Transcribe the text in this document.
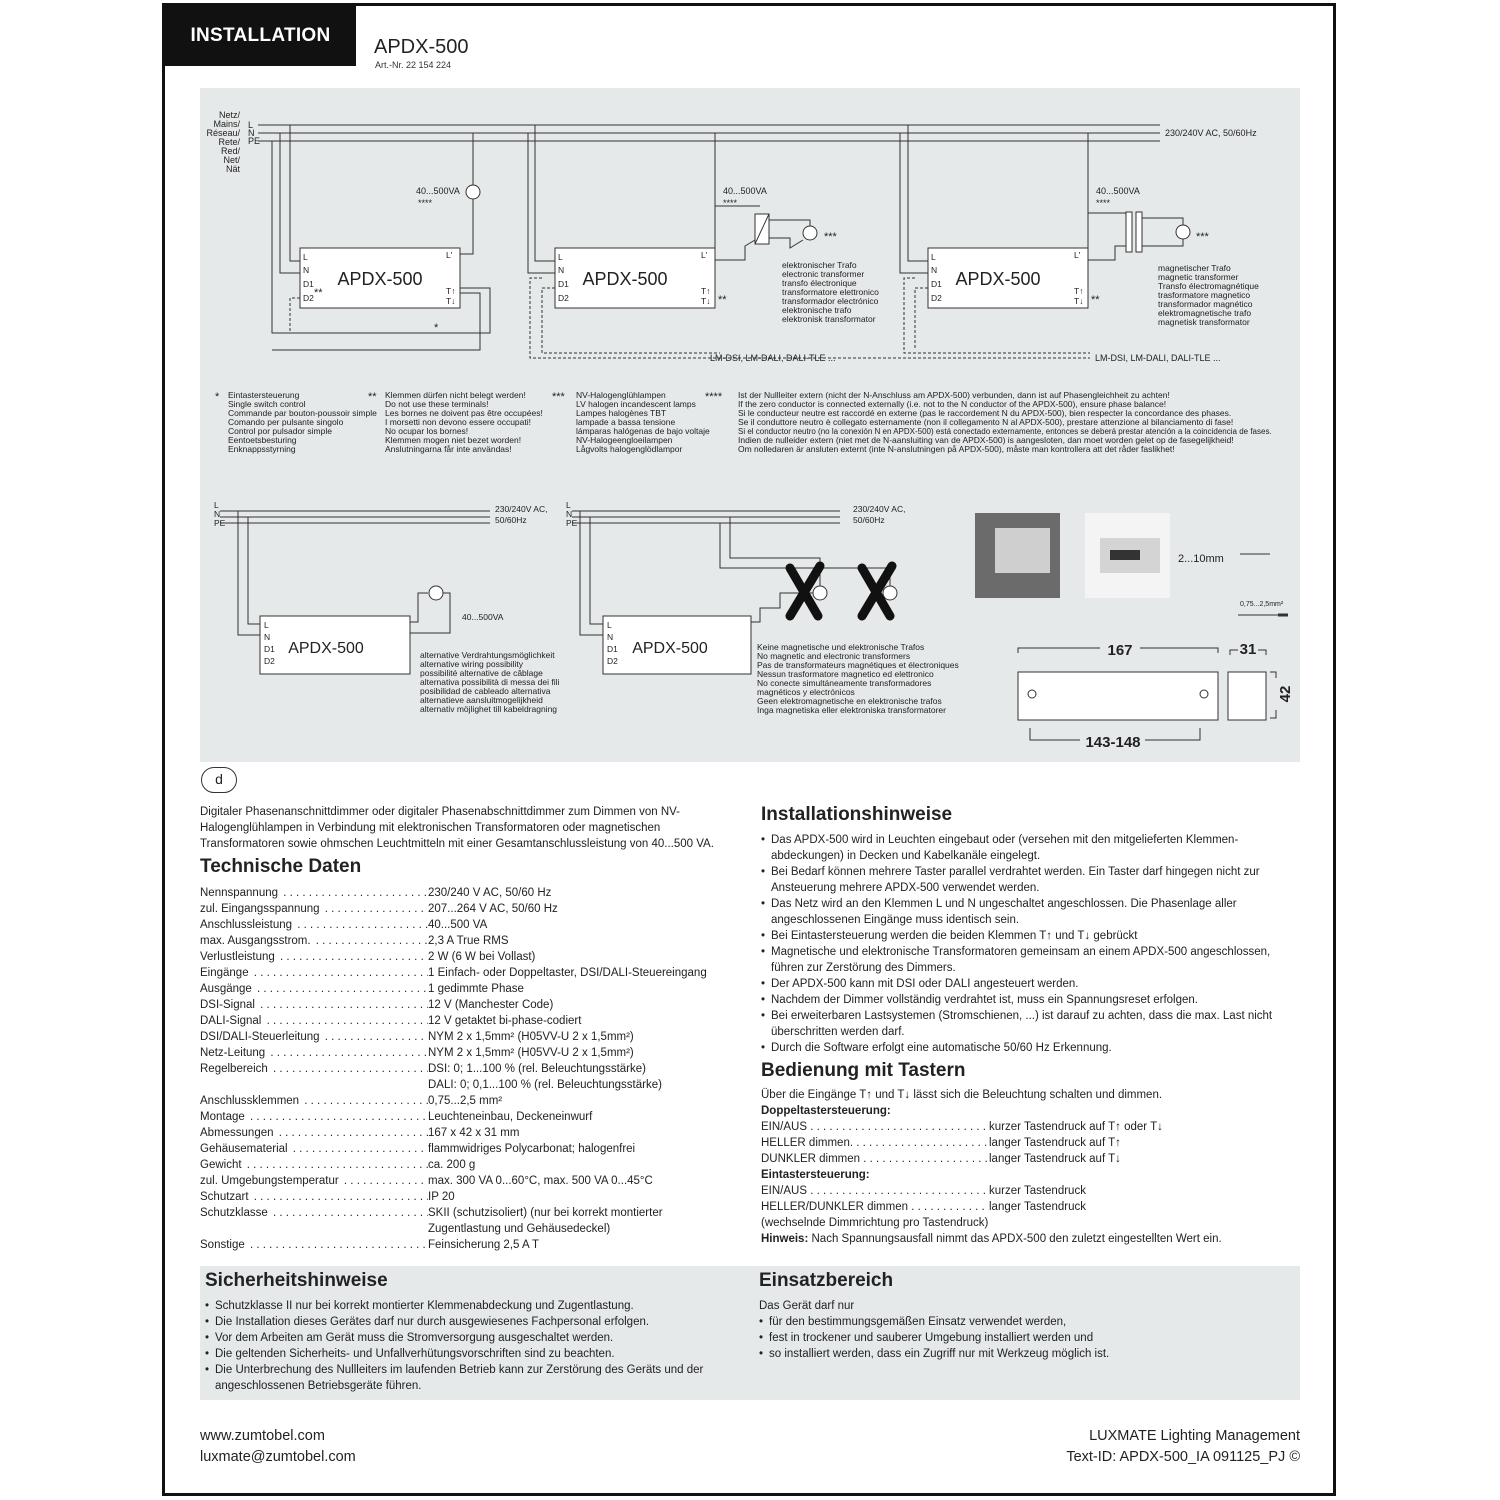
INSTALLATION
APDX-500
Art.-Nr. 22 154 224
Netz/
Mains/
Réseau/
Rete/
Red/
Net/
Nät
L
N
PE
230/240V AC, 50/60Hz
APDX-500	APDX-500	APDX-500
APDX-500	APDX-500
L
N
D1
D2
L
N
D1
D2
L
N
D1
D2
L'	L'	L'
T↑
T↓
T↑
T↓
T↑
T↓
40...500VA
****
40...500VA
****
40...500VA
****
**
**	**
***	***
*
LM-DSI, LM-DALI, DALI-TLE ...	LM-DSI, LM-DALI, DALI-TLE ...
elektronischer Trafo
electronic transformer
transfo électronique
transformatore elettronico
transformador electrónico
elektronische trafo
elektronisk transformator
magnetischer Trafo
magnetic transformer
Transfo électromagnétique
trasformatore magnetico
transformador magnético
elektromagnetische trafo
magnetisk transformator
* Eintastersteuerung
Single switch control
Commande par bouton-poussoir simple
Comando per pulsante singolo
Control por pulsador simple
Eentoetsbesturing
Enknappsstyrning
** Klemmen dürfen nicht belegt werden!
Do not use these terminals!
Les bornes ne doivent pas être occupées!
I morsetti non devono essere occupati!
No ocupar los bornes!
Klemmen mogen niet bezet worden!
Anslutningarna får inte användas!
*** NV-Halogenglühlampen
LV halogen incandescent lamps
Lampes halogènes TBT
lampade a bassa tensione
lámparas halógenas de bajo voltaje
NV-Halogeengloeilampen
Lågvolts halogenglödlampor
**** Ist der Nullleiter extern (nicht der N-Anschluss am APDX-500) verbunden, dann ist auf Phasengleichheit zu achten!
If the zero conductor is connected externally (i.e. not to the N conductor of the APDX-500), ensure phase balance!
Si le conducteur neutre est raccordé en externe (pas le raccordement N du APDX-500), bien respecter la concordance des phases.
Se il conduttore neutro è collegato esternamente (non il collegamento N al APDX-500), prestare attenzione al bilanciamento di fase!
Si el conductor neutro (no la conexión N en APDX-500) está conectado externamente, entonces se deberá prestar atención a la coincidencia de fases.
Indien de nulleider extern (niet met de N-aansluiting van de APDX-500) is aangesloten, dan moet worden gelet op de fasegelijkheid!
Om nolledaren är ansluten externt (inte N-anslutningen på APDX-500), måste man kontrollera att det råder faslikhet!
L
N
PE
230/240V AC,
50/60Hz
L
N
PE
230/240V AC,
50/60Hz
40...500VA
L
N
D1
D2
L
N
D1
D2
alternative Verdrahtungsmöglichkeit
alternative wiring possibility
possibilité alternative de câblage
alternativa possibilità di messa dei fili
posibilidad de cableado alternativa
alternatieve aansluitmogelijkheid
alternativ möjlighet till kabeldragning
Keine magnetische und elektronische Trafos
No magnetic and electronic transformers
Pas de transformateurs magnétiques et électroniques
Nessun trasformatore magnetico ed elettronico
No conecte simultáneamente transformadores
magnéticos y electrónicos
Geen elektromagnetische en elektronische trafos
Inga magnetiska eller elektroniska transformatorer
2...10mm
0,75...2,5mm²
167
143-148
31
42
d
Digitaler Phasenanschnittdimmer oder digitaler Phasenabschnittdimmer zum Dimmen von NV-Halogenglühlampen in Verbindung mit elektronischen Transformatoren oder magnetischen Transformatoren sowie ohmschen Leuchtmitteln mit einer Gesamtanschlussleistung von 40...500 VA.
Technische Daten
Nennspannung . . .	230/240 V AC, 50/60 Hz
zul. Eingangsspannung . . .	207...264 V AC, 50/60 Hz
Anschlussleistung . . .	40...500 VA
max. Ausgangsstrom. . . .	2,3 A True RMS
Verlustleistung . . .	2 W (6 W bei Vollast)
Eingänge . . .	1 Einfach- oder Doppeltaster, DSI/DALI-Steuereingang
Ausgänge . . .	1 gedimmte Phase
DSI-Signal . . .	12 V (Manchester Code)
DALI-Signal . . .	12 V getaktet bi-phase-codiert
DSI/DALI-Steuerleitung . . .	NYM 2 x 1,5mm² (H05VV-U 2 x 1,5mm²)
Netz-Leitung . . .	NYM 2 x 1,5mm² (H05VV-U 2 x 1,5mm²)
Regelbereich . . .	DSI: 0; 1...100 % (rel. Beleuchtungsstärke)
DALI: 0; 0,1...100 % (rel. Beleuchtungsstärke)
Anschlussklemmen . . .	0,75...2,5 mm²
Montage . . .	Leuchteneinbau, Deckeneinwurf
Abmessungen . . .	167 x 42 x 31 mm
Gehäusematerial . . .	flammwidriges Polycarbonat; halogenfrei
Gewicht . . .	ca. 200 g
zul. Umgebungstemperatur . . .	max. 300 VA 0...60°C, max. 500 VA 0...45°C
Schutzart . . .	IP 20
Schutzklasse . . .	SKII (schutzisoliert) (nur bei korrekt montierter
Zugentlastung und Gehäusedeckel)
Sonstige . . .	Feinsicherung 2,5 A T
Installationshinweise
• Das APDX-500 wird in Leuchten eingebaut oder (versehen mit den mitgelieferten Klemmen-abdeckungen) in Decken und Kabelkanäle eingelegt.
• Bei Bedarf können mehrere Taster parallel verdrahtet werden. Ein Taster darf hingegen nicht zur Ansteuerung mehrere APDX-500 verwendet werden.
• Das Netz wird an den Klemmen L und N ungeschaltet angeschlossen. Die Phasenlage aller angeschlossenen Eingänge muss identisch sein.
• Bei Eintastersteuerung werden die beiden Klemmen T↑ und T↓ gebrückt
• Magnetische und elektronische Transformatoren gemeinsam an einem APDX-500 angeschlossen, führen zur Zerstörung des Dimmers.
• Der APDX-500 kann mit DSI oder DALI angesteuert werden.
• Nachdem der Dimmer vollständig verdrahtet ist, muss ein Spannungsreset erfolgen.
• Bei erweiterbaren Lastsystemen (Stromschienen, ...) ist darauf zu achten, dass die max. Last nicht überschritten werden darf.
• Durch die Software erfolgt eine automatische 50/60 Hz Erkennung.
Bedienung mit Tastern
Über die Eingänge T↑ und T↓ lässt sich die Beleuchtung schalten und dimmen.
Doppeltastersteuerung:
EIN/AUS . . .	kurzer Tastendruck auf T↑ oder T↓
HELLER dimmen. . . .	langer Tastendruck auf T↑
DUNKLER dimmen . . .	langer Tastendruck auf T↓
Eintastersteuerung:
EIN/AUS . . .	kurzer Tastendruck
HELLER/DUNKLER dimmen . . .	langer Tastendruck
(wechselnde Dimmrichtung pro Tastendruck)
Hinweis: Nach Spannungsausfall nimmt das APDX-500 den zuletzt eingestellten Wert ein.
Sicherheitshinweise
• Schutzklasse II nur bei korrekt montierter Klemmenabdeckung und Zugentlastung.
• Die Installation dieses Gerätes darf nur durch ausgewiesenes Fachpersonal erfolgen.
• Vor dem Arbeiten am Gerät muss die Stromversorgung ausgeschaltet werden.
• Die geltenden Sicherheits- und Unfallverhütungsvorschriften sind zu beachten.
• Die Unterbrechung des Nullleiters im laufenden Betrieb kann zur Zerstörung des Geräts und der angeschlossenen Betriebsgeräte führen.
Einsatzbereich
Das Gerät darf nur
• für den bestimmungsgemäßen Einsatz verwendet werden,
• fest in trockener und sauberer Umgebung installiert werden und
• so installiert werden, dass ein Zugriff nur mit Werkzeug möglich ist.
www.zumtobel.com
luxmate@zumtobel.com
LUXMATE Lighting Management
Text-ID: APDX-500_IA 091125_PJ ©
